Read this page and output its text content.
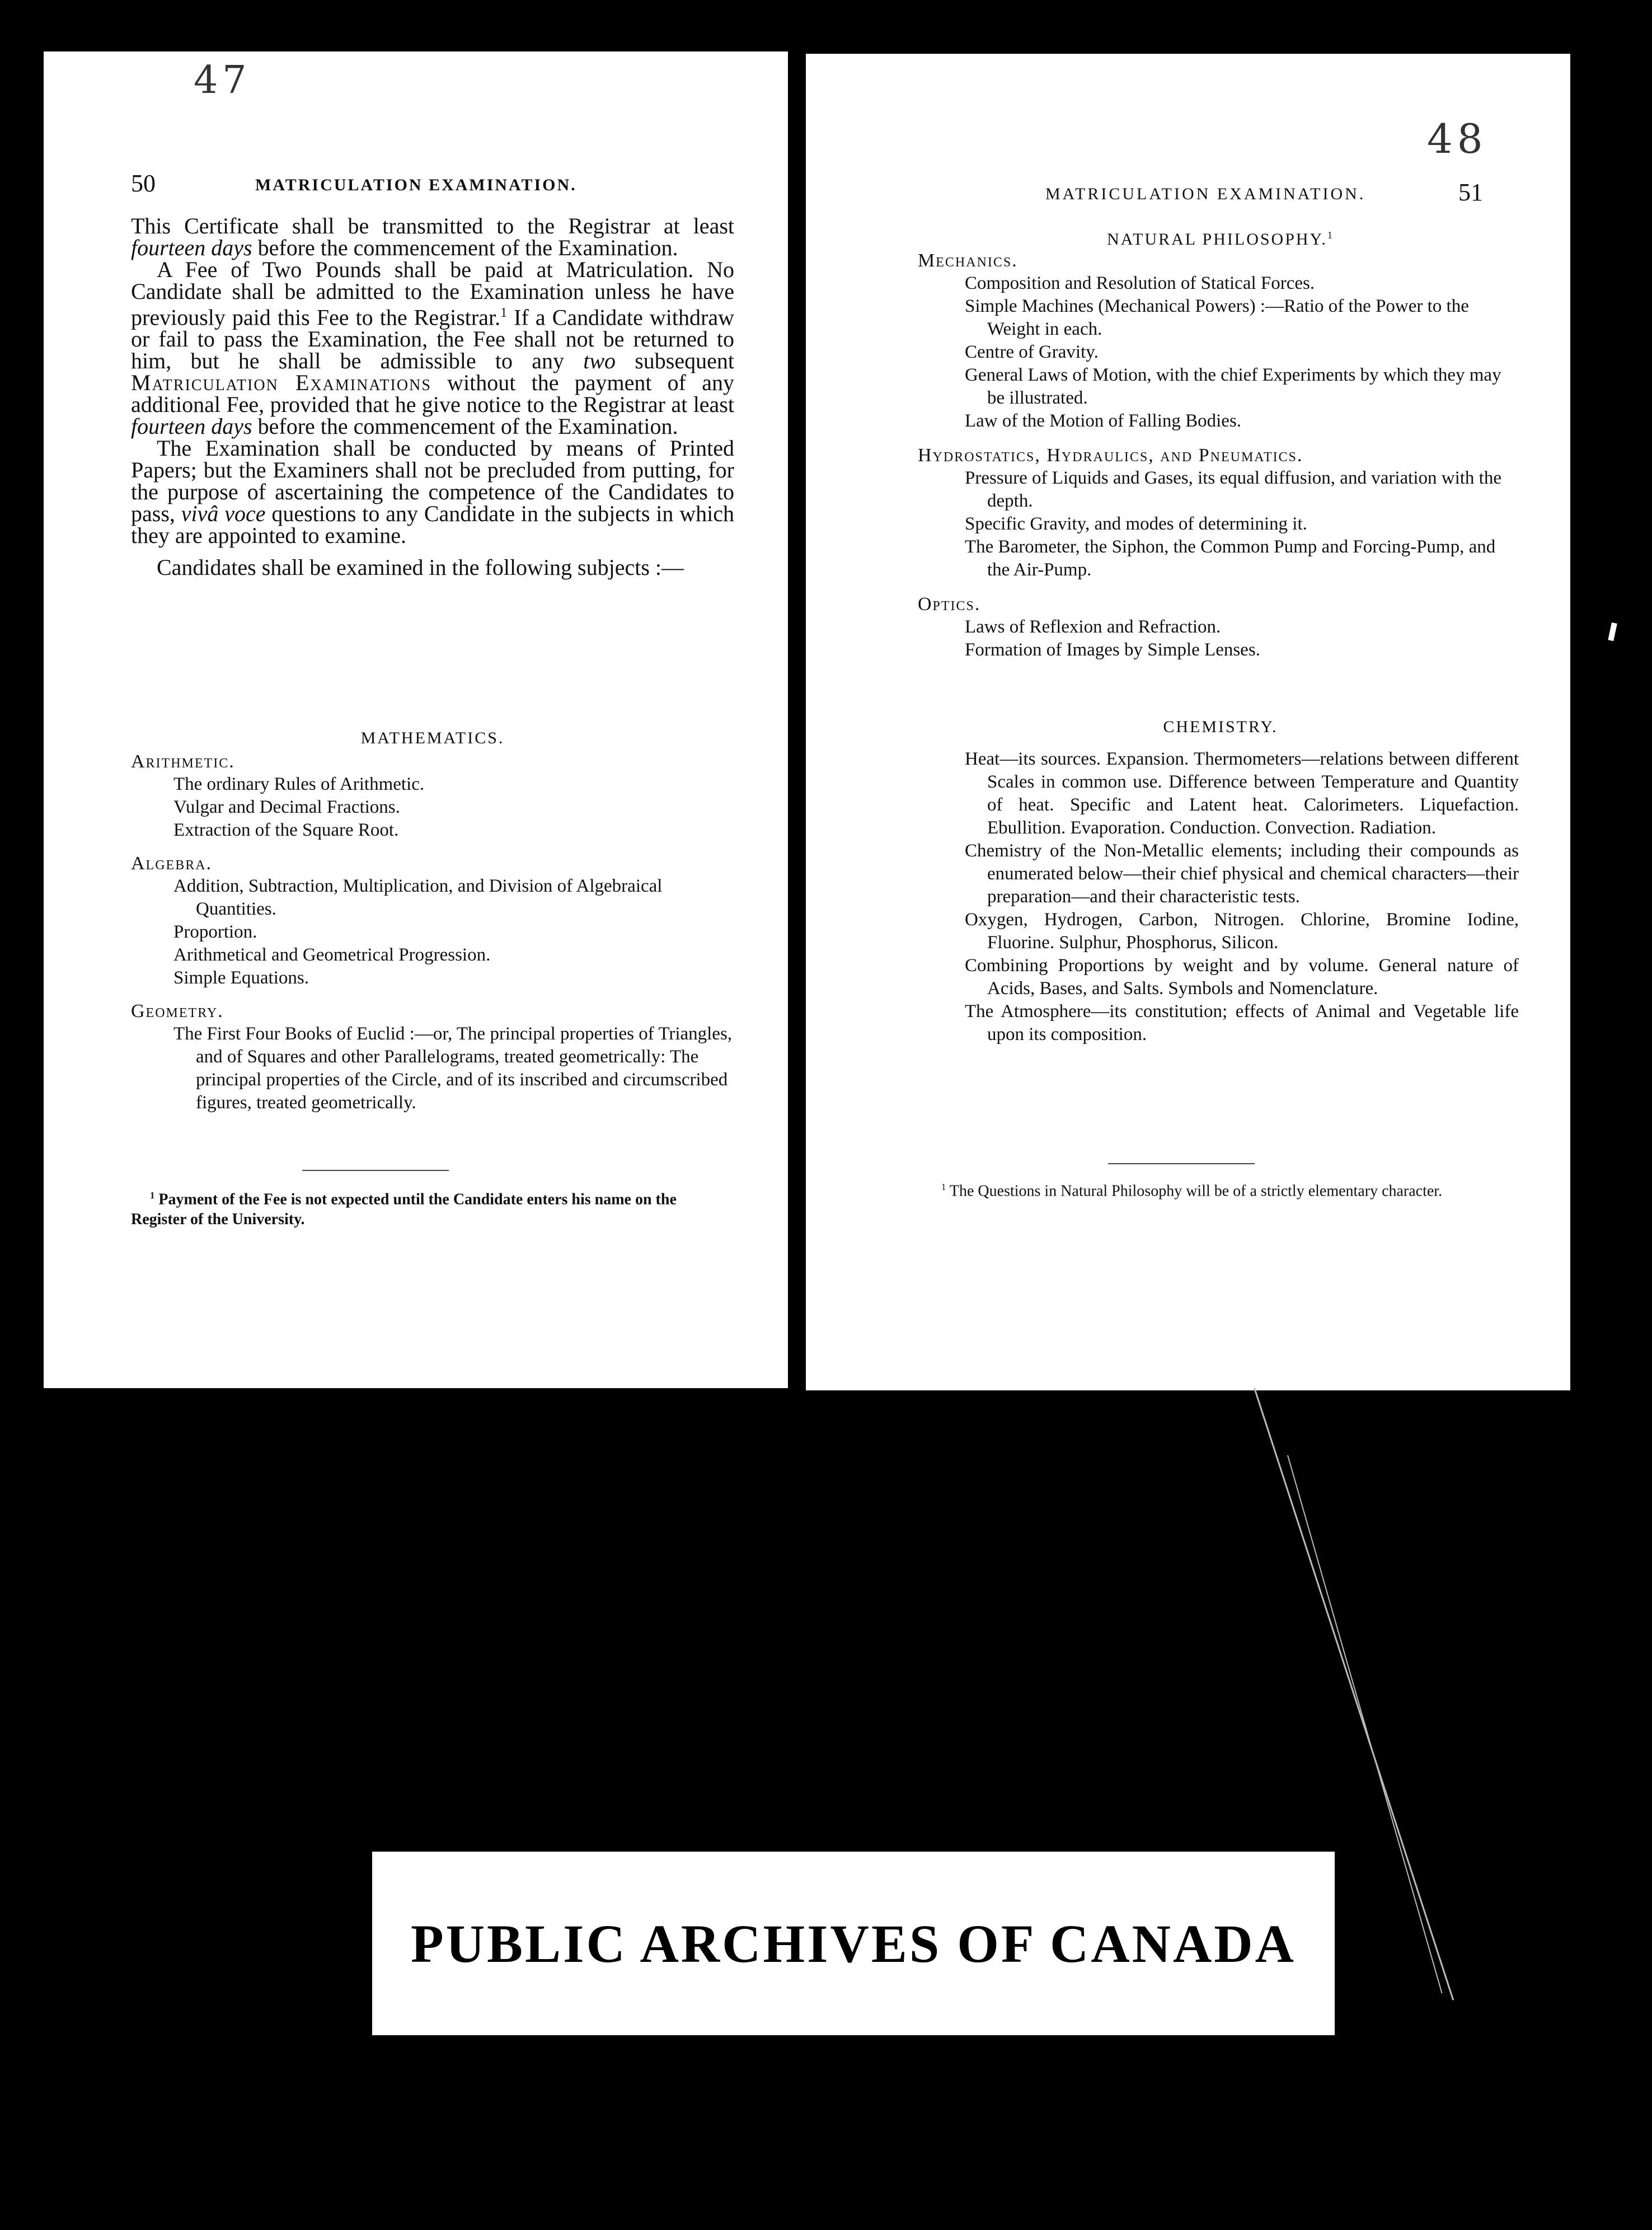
47
50	MATRICULATION EXAMINATION.

This Certificate shall be transmitted to the Registrar at least fourteen days before the commencement of the Examination.

A Fee of Two Pounds shall be paid at Matriculation. No Candidate shall be admitted to the Examination unless he have previously paid this Fee to the Registrar.$^1$ If a Candidate withdraw or fail to pass the Examination, the Fee shall not be returned to him, but he shall be admissible to any two subsequent Matriculation Examinations without the payment of any additional Fee, provided that he give notice to the Registrar at least fourteen days before the commencement of the Examination.

The Examination shall be conducted by means of Printed Papers; but the Examiners shall not be precluded from putting, for the purpose of ascertaining the competence of the Candidates to pass, vivâ voce questions to any Candidate in the subjects in which they are appointed to examine.

Candidates shall be examined in the following subjects :—

MATHEMATICS.

Arithmetic.

The ordinary Rules of Arithmetic.
Vulgar and Decimal Fractions.
Extraction of the Square Root.

Algebra.

Addition, Subtraction, Multiplication, and Division of Algebraical Quantities.
Proportion.
Arithmetical and Geometrical Progression.
Simple Equations.

Geometry.

The First Four Books of Euclid :—or, The principal properties of Triangles, and of Squares and other Parallelograms, treated geometrically: The principal properties of the Circle, and of its inscribed and circumscribed figures, treated geometrically.
$^1$ Payment of the Fee is not expected until the Candidate enters his name on the Register of the University.
48
MATRICULATION EXAMINATION.	51

NATURAL PHILOSOPHY.$^1$

Mechanics.

Composition and Resolution of Statical Forces.
Simple Machines (Mechanical Powers) :—Ratio of the Power to the Weight in each.
Centre of Gravity.
General Laws of Motion, with the chief Experiments by which they may be illustrated.
Law of the Motion of Falling Bodies.

Hydrostatics, Hydraulics, and Pneumatics.

Pressure of Liquids and Gases, its equal diffusion, and variation with the depth.
Specific Gravity, and modes of determining it.
The Barometer, the Siphon, the Common Pump and Forcing-Pump, and the Air-Pump.

Optics.

Laws of Reflexion and Refraction.
Formation of Images by Simple Lenses.

CHEMISTRY.

Heat—its sources. Expansion. Thermometers—relations between different Scales in common use. Difference between Temperature and Quantity of heat. Specific and Latent heat. Calorimeters. Liquefaction. Ebullition. Evaporation. Conduction. Convection. Radiation.
Chemistry of the Non-Metallic elements; including their compounds as enumerated below—their chief physical and chemical characters—their preparation—and their characteristic tests.
Oxygen, Hydrogen, Carbon, Nitrogen. Chlorine, Bromine Iodine, Fluorine. Sulphur, Phosphorus, Silicon.
Combining Proportions by weight and by volume. General nature of Acids, Bases, and Salts. Symbols and Nomenclature.
The Atmosphere—its constitution; effects of Animal and Vegetable life upon its composition.
$^1$ The Questions in Natural Philosophy will be of a strictly elementary character.
PUBLIC ARCHIVES OF CANADA
